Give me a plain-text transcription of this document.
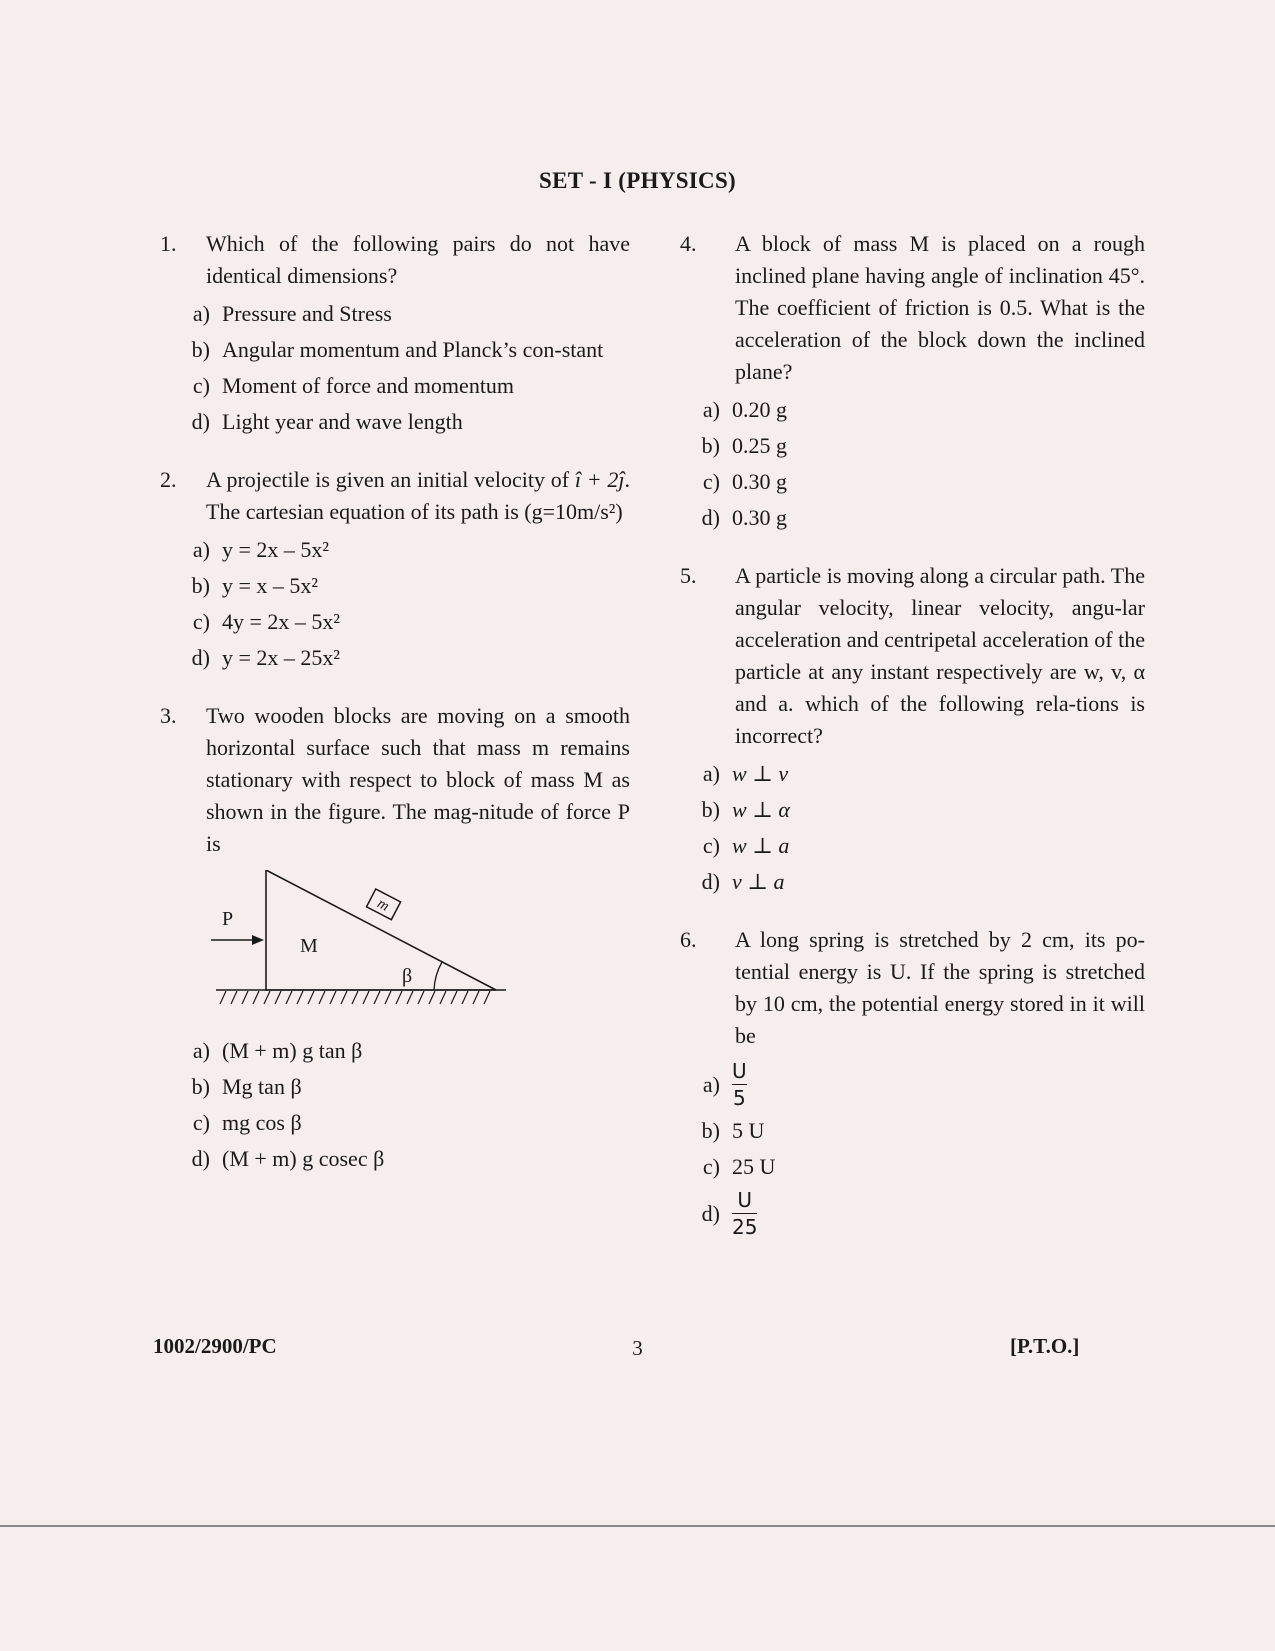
SET - I (PHYSICS)
1. Which of the following pairs do not have identical dimensions?
a) Pressure and Stress
b) Angular momentum and Planck’s con-stant
c) Moment of force and momentum
d) Light year and wave length
2. A projectile is given an initial velocity of î + 2ĵ. The cartesian equation of its path is (g=10m/s²)
a) y = 2x – 5x²
b) y = x – 5x²
c) 4y = 2x – 5x²
d) y = 2x – 25x²
3. Two wooden blocks are moving on a smooth horizontal surface such that mass m remains stationary with respect to block of mass M as shown in the figure. The mag-nitude of force P is
m
P
M
β
a) (M + m) g tan β
b) Mg tan β
c) mg cos β
d) (M + m) g cosec β
4. A block of mass M is placed on a rough inclined plane having angle of inclination 45°. The coefficient of friction is 0.5. What is the acceleration of the block down the inclined plane?
a) 0.20 g
b) 0.25 g
c) 0.30 g
d) 0.30 g
5. A particle is moving along a circular path. The angular velocity, linear velocity, angu-lar acceleration and centripetal acceleration of the particle at any instant respectively are w, v, α and a. which of the following rela-tions is incorrect?
a) w ⊥ v
b) w ⊥ α
c) w ⊥ a
d) v ⊥ a
6. A long spring is stretched by 2 cm, its po-tential energy is U. If the spring is stretched by 10 cm, the potential energy stored in it will be
$a) \frac{U}{5}$
b) 5 U
c) 25 U
$d) \frac{U}{25}$
1002/2900/PC	3	[P.T.O.]
